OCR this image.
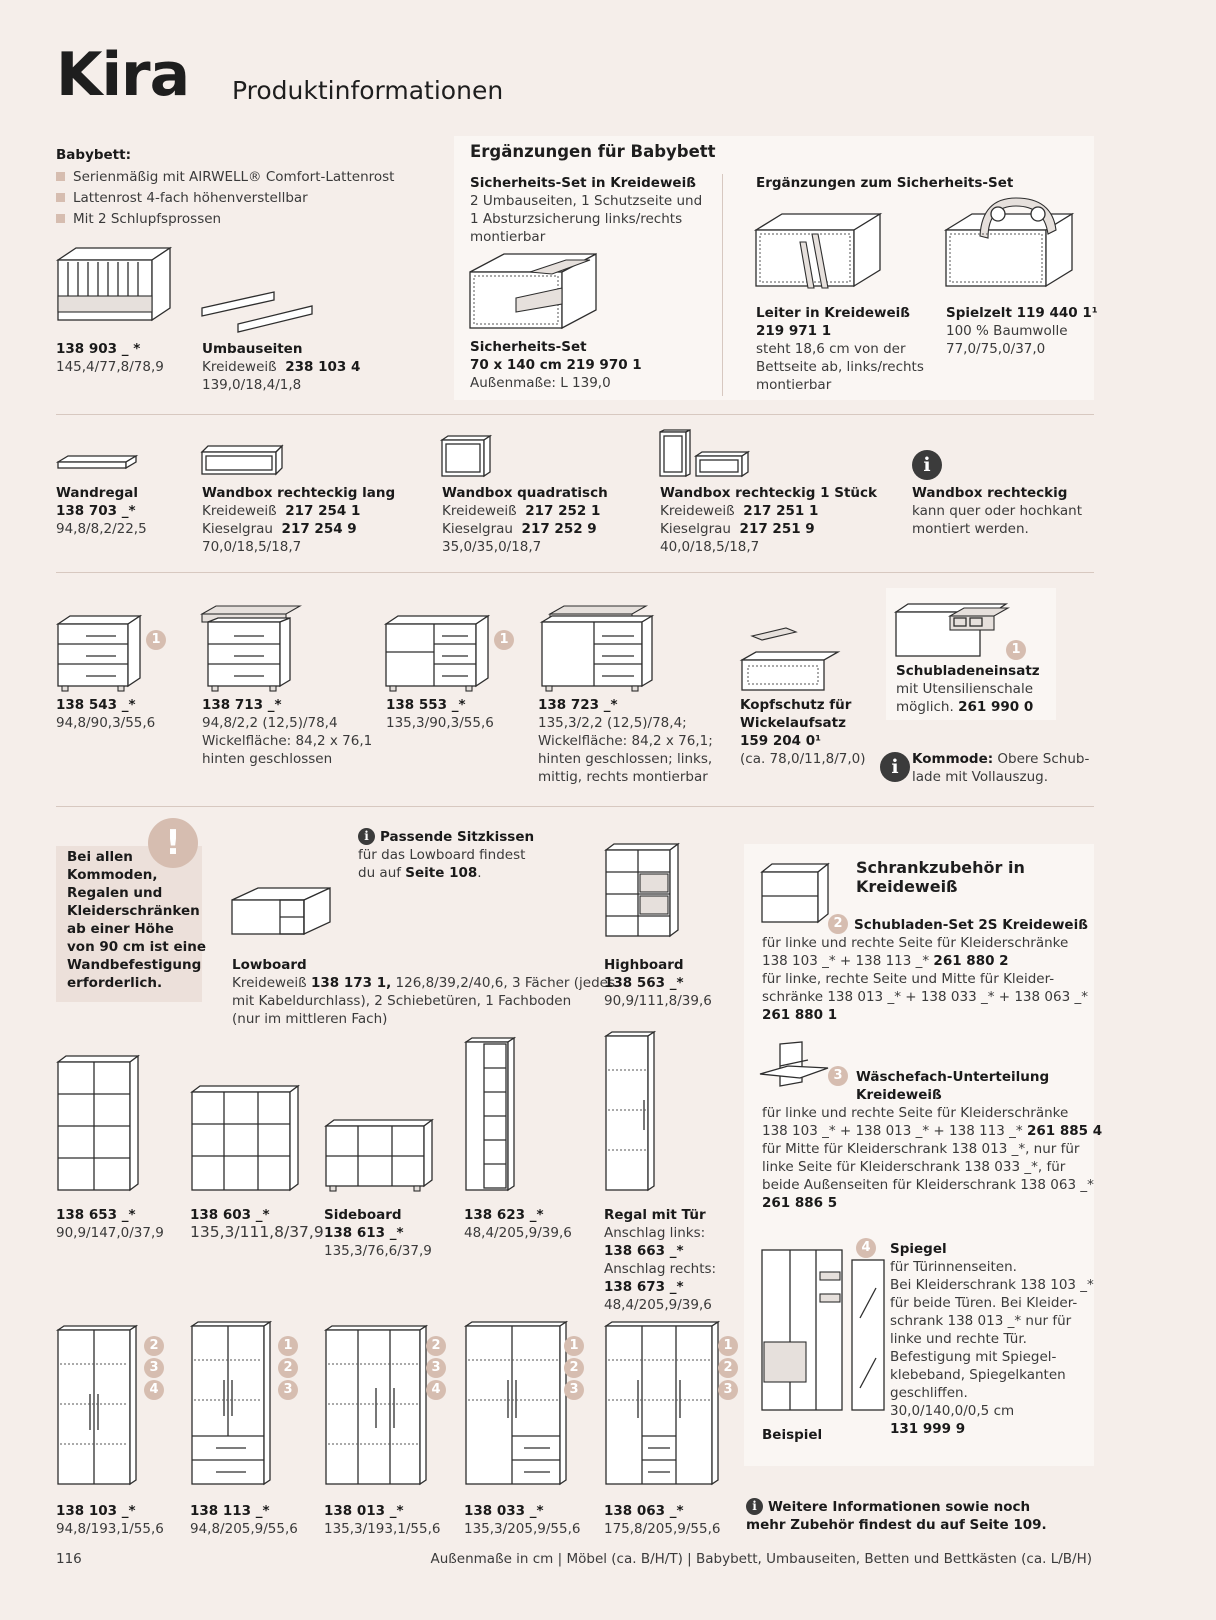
Kira Produktinformationen
Babybett:
Serienmäßig mit AIRWELL® Comfort-Lattenrost
Lattenrost 4-fach höhenverstellbar
Mit 2 Schlupfsprossen
138 903 _ *
145,4/77,8/78,9
Umbauseiten
Kreideweiß 238 103 4
139,0/18,4/1,8
Ergänzungen für Babybett
Sicherheits-Set in Kreideweiß
2 Umbauseiten, 1 Schutzseite und
1 Absturzsicherung links/rechts
montierbar
Sicherheits-Set
70 x 140 cm 219 970 1
Außenmaße: L 139,0
Ergänzungen zum Sicherheits-Set
Leiter in Kreideweiß
219 971 1
steht 18,6 cm von der
Bettseite ab, links/rechts
montierbar
Spielzelt 119 440 1¹
100 % Baumwolle
77,0/75,0/37,0
Wandregal
138 703 _*
94,8/8,2/22,5
Wandbox rechteckig lang
Kreideweiß 217 254 1
Kieselgrau 217 254 9
70,0/18,5/18,7
Wandbox quadratisch
Kreideweiß 217 252 1
Kieselgrau 217 252 9
35,0/35,0/18,7
Wandbox rechteckig 1 Stück
Kreideweiß 217 251 1
Kieselgrau 217 251 9
40,0/18,5/18,7
i
Wandbox rechteckig
kann quer oder hochkant
montiert werden.
1
138 543 _*
94,8/90,3/55,6
138 713 _*
94,8/2,2 (12,5)/78,4
Wickelfläche: 84,2 x 76,1
hinten geschlossen
1
138 553 _*
135,3/90,3/55,6
138 723 _*
135,3/2,2 (12,5)/78,4;
Wickelfläche: 84,2 x 76,1;
hinten geschlossen; links,
mittig, rechts montierbar
Kopfschutz für
Wickelaufsatz
159 204 0¹
(ca. 78,0/11,8/7,0)
1
Schubladeneinsatz
mit Utensilienschale
möglich. 261 990 0
i Kommode: Obere Schub-
lade mit Vollauszug.
!
Bei allen
Kommoden,
Regalen und
Kleiderschränken
ab einer Höhe
von 90 cm ist eine
Wandbefestigung
erforderlich.
i Passende Sitzkissen
für das Lowboard findest
du auf Seite 108.
Lowboard
Kreideweiß 138 173 1, 126,8/39,2/40,6, 3 Fächer (jedes
mit Kabeldurchlass), 2 Schiebetüren, 1 Fachboden
(nur im mittleren Fach)
Highboard
138 563 _*
90,9/111,8/39,6
138 653 _*
90,9/147,0/37,9
138 603 _*
135,3/111,8/37,9
Sideboard
138 613 _*
135,3/76,6/37,9
138 623 _*
48,4/205,9/39,6
Regal mit Tür
Anschlag links:
138 663 _*
Anschlag rechts:
138 673 _*
48,4/205,9/39,6
2
3
4
138 103 _*
94,8/193,1/55,6
1
2
3
138 113 _*
94,8/205,9/55,6
2
3
4
138 013 _*
135,3/193,1/55,6
1
2
3
138 033 _*
135,3/205,9/55,6
1
2
3
138 063 _*
175,8/205,9/55,6
Schrankzubehör in
Kreideweiß
2 Schubladen-Set 2S Kreideweiß
für linke und rechte Seite für Kleiderschränke
138 103 _* + 138 113 _* 261 880 2
für linke, rechte Seite und Mitte für Kleider-
schränke 138 013 _* + 138 033 _* + 138 063 _*
261 880 1
3 Wäschefach-Unterteilung
Kreideweiß
für linke und rechte Seite für Kleiderschränke
138 103 _* + 138 013 _* + 138 113 _* 261 885 4
für Mitte für Kleiderschrank 138 013 _*, nur für
linke Seite für Kleiderschrank 138 033 _*, für
beide Außenseiten für Kleiderschrank 138 063 _*
261 886 5
4	Spiegel
für Türinnenseiten.
Bei Kleiderschrank 138 103 _*
für beide Türen. Bei Kleider-
schrank 138 013 _* nur für
linke und rechte Tür.
Befestigung mit Spiegel-
klebeband, Spiegelkanten
geschliffen.
30,0/140,0/0,5 cm
131 999 9
Beispiel
i Weitere Informationen sowie noch
mehr Zubehör findest du auf Seite 109.
116	Außenmaße in cm | Möbel (ca. B/H/T) | Babybett, Umbauseiten, Betten und Bettkästen (ca. L/B/H)
